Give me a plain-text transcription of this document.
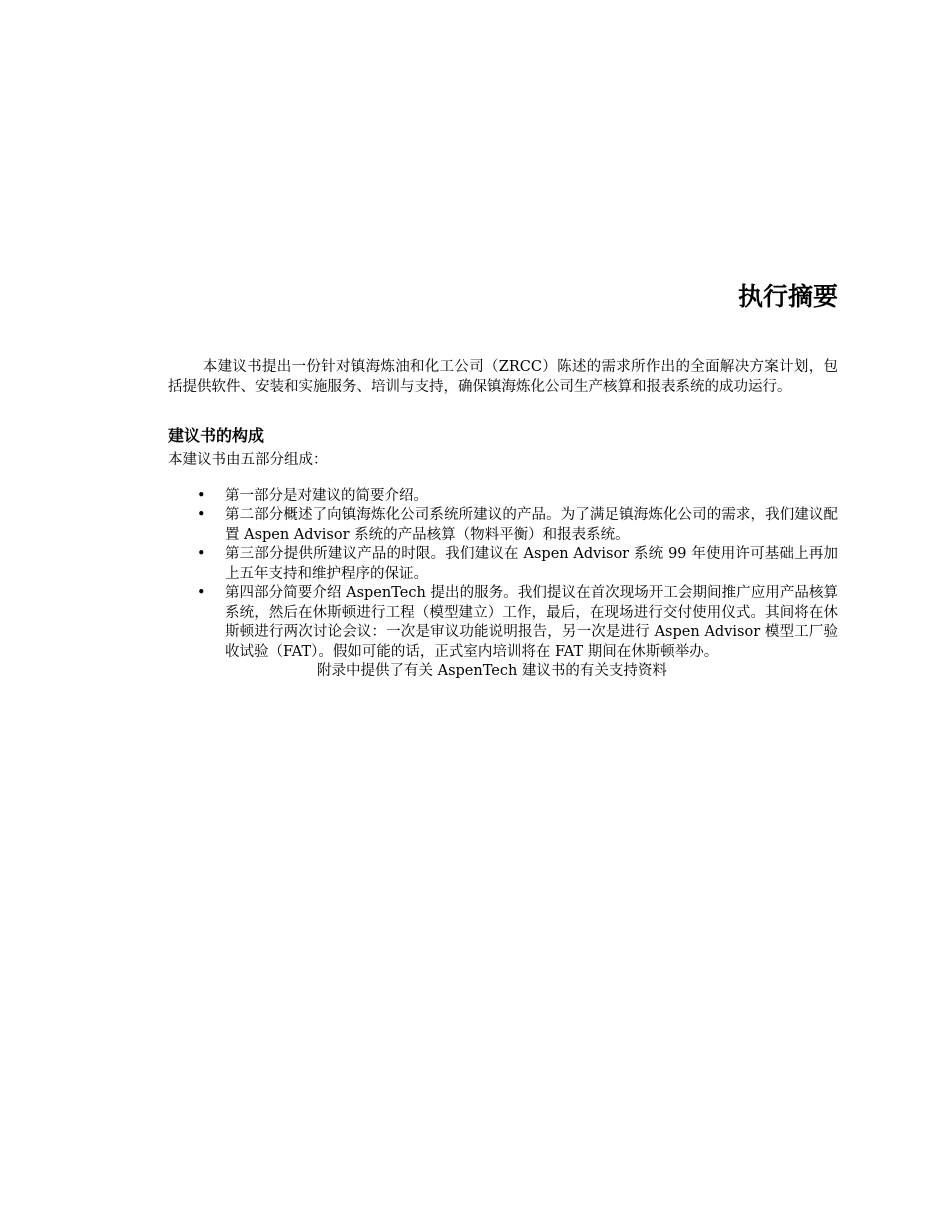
执行摘要

本建议书提出一份针对镇海炼油和化工公司（ZRCC）陈述的需求所作出的全面解决方案计划，包括提供软件、安装和实施服务、培训与支持，确保镇海炼化公司生产核算和报表系统的成功运行。

建议书的构成

本建议书由五部分组成：

• 第一部分是对建议的简要介绍。
• 第二部分概述了向镇海炼化公司系统所建议的产品。为了满足镇海炼化公司的需求，我们建议配置 Aspen Advisor 系统的产品核算（物料平衡）和报表系统。
• 第三部分提供所建议产品的时限。我们建议在 Aspen Advisor 系统 99 年使用许可基础上再加上五年支持和维护程序的保证。
• 第四部分简要介绍 AspenTech 提出的服务。我们提议在首次现场开工会期间推广应用产品核算系统，然后在休斯顿进行工程（模型建立）工作，最后，在现场进行交付使用仪式。其间将在休斯顿进行两次讨论会议：一次是审议功能说明报告，另一次是进行 Aspen Advisor 模型工厂验收试验（FAT）。假如可能的话，正式室内培训将在 FAT 期间在休斯顿举办。

附录中提供了有关 AspenTech 建议书的有关支持资料
